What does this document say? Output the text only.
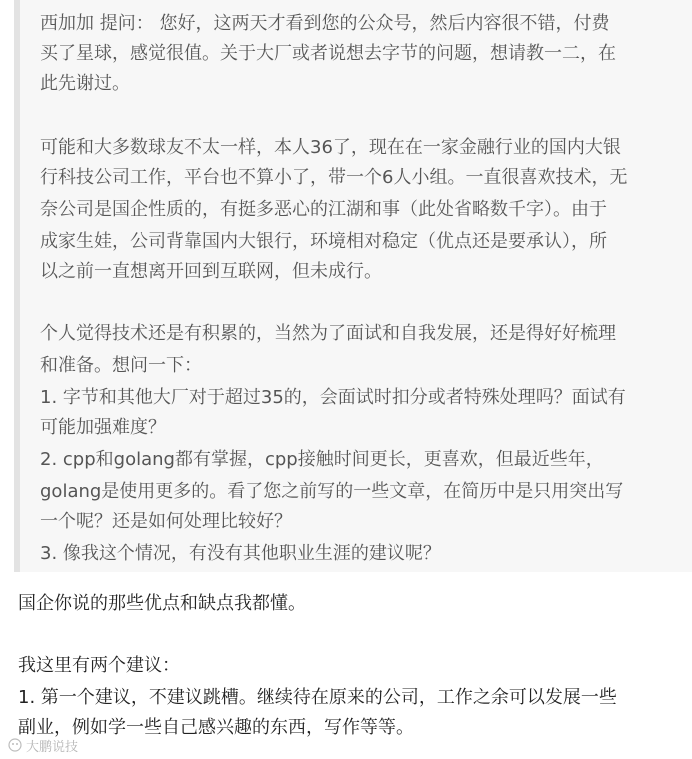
西加加 提问： 您好，这两天才看到您的公众号，然后内容很不错，付费
买了星球，感觉很值。关于大厂或者说想去字节的问题，想请教一二，在
此先谢过。
可能和大多数球友不太一样，本人36了，现在在一家金融行业的国内大银
行科技公司工作，平台也不算小了，带一个6人小组。一直很喜欢技术，无
奈公司是国企性质的，有挺多恶心的江湖和事（此处省略数千字）。由于
成家生娃，公司背靠国内大银行，环境相对稳定（优点还是要承认），所
以之前一直想离开回到互联网，但未成行。
个人觉得技术还是有积累的，当然为了面试和自我发展，还是得好好梳理
和准备。想问一下：
1. 字节和其他大厂对于超过35的，会面试时扣分或者特殊处理吗？面试有
可能加强难度？
2. cpp和golang都有掌握，cpp接触时间更长，更喜欢，但最近些年，
golang是使用更多的。看了您之前写的一些文章，在简历中是只用突出写
一个呢？还是如何处理比较好？
3. 像我这个情况，有没有其他职业生涯的建议呢？
国企你说的那些优点和缺点我都懂。
我这里有两个建议：
1. 第一个建议，不建议跳槽。继续待在原来的公司，工作之余可以发展一些
副业，例如学一些自己感兴趣的东西，写作等等。
大鹏说技
